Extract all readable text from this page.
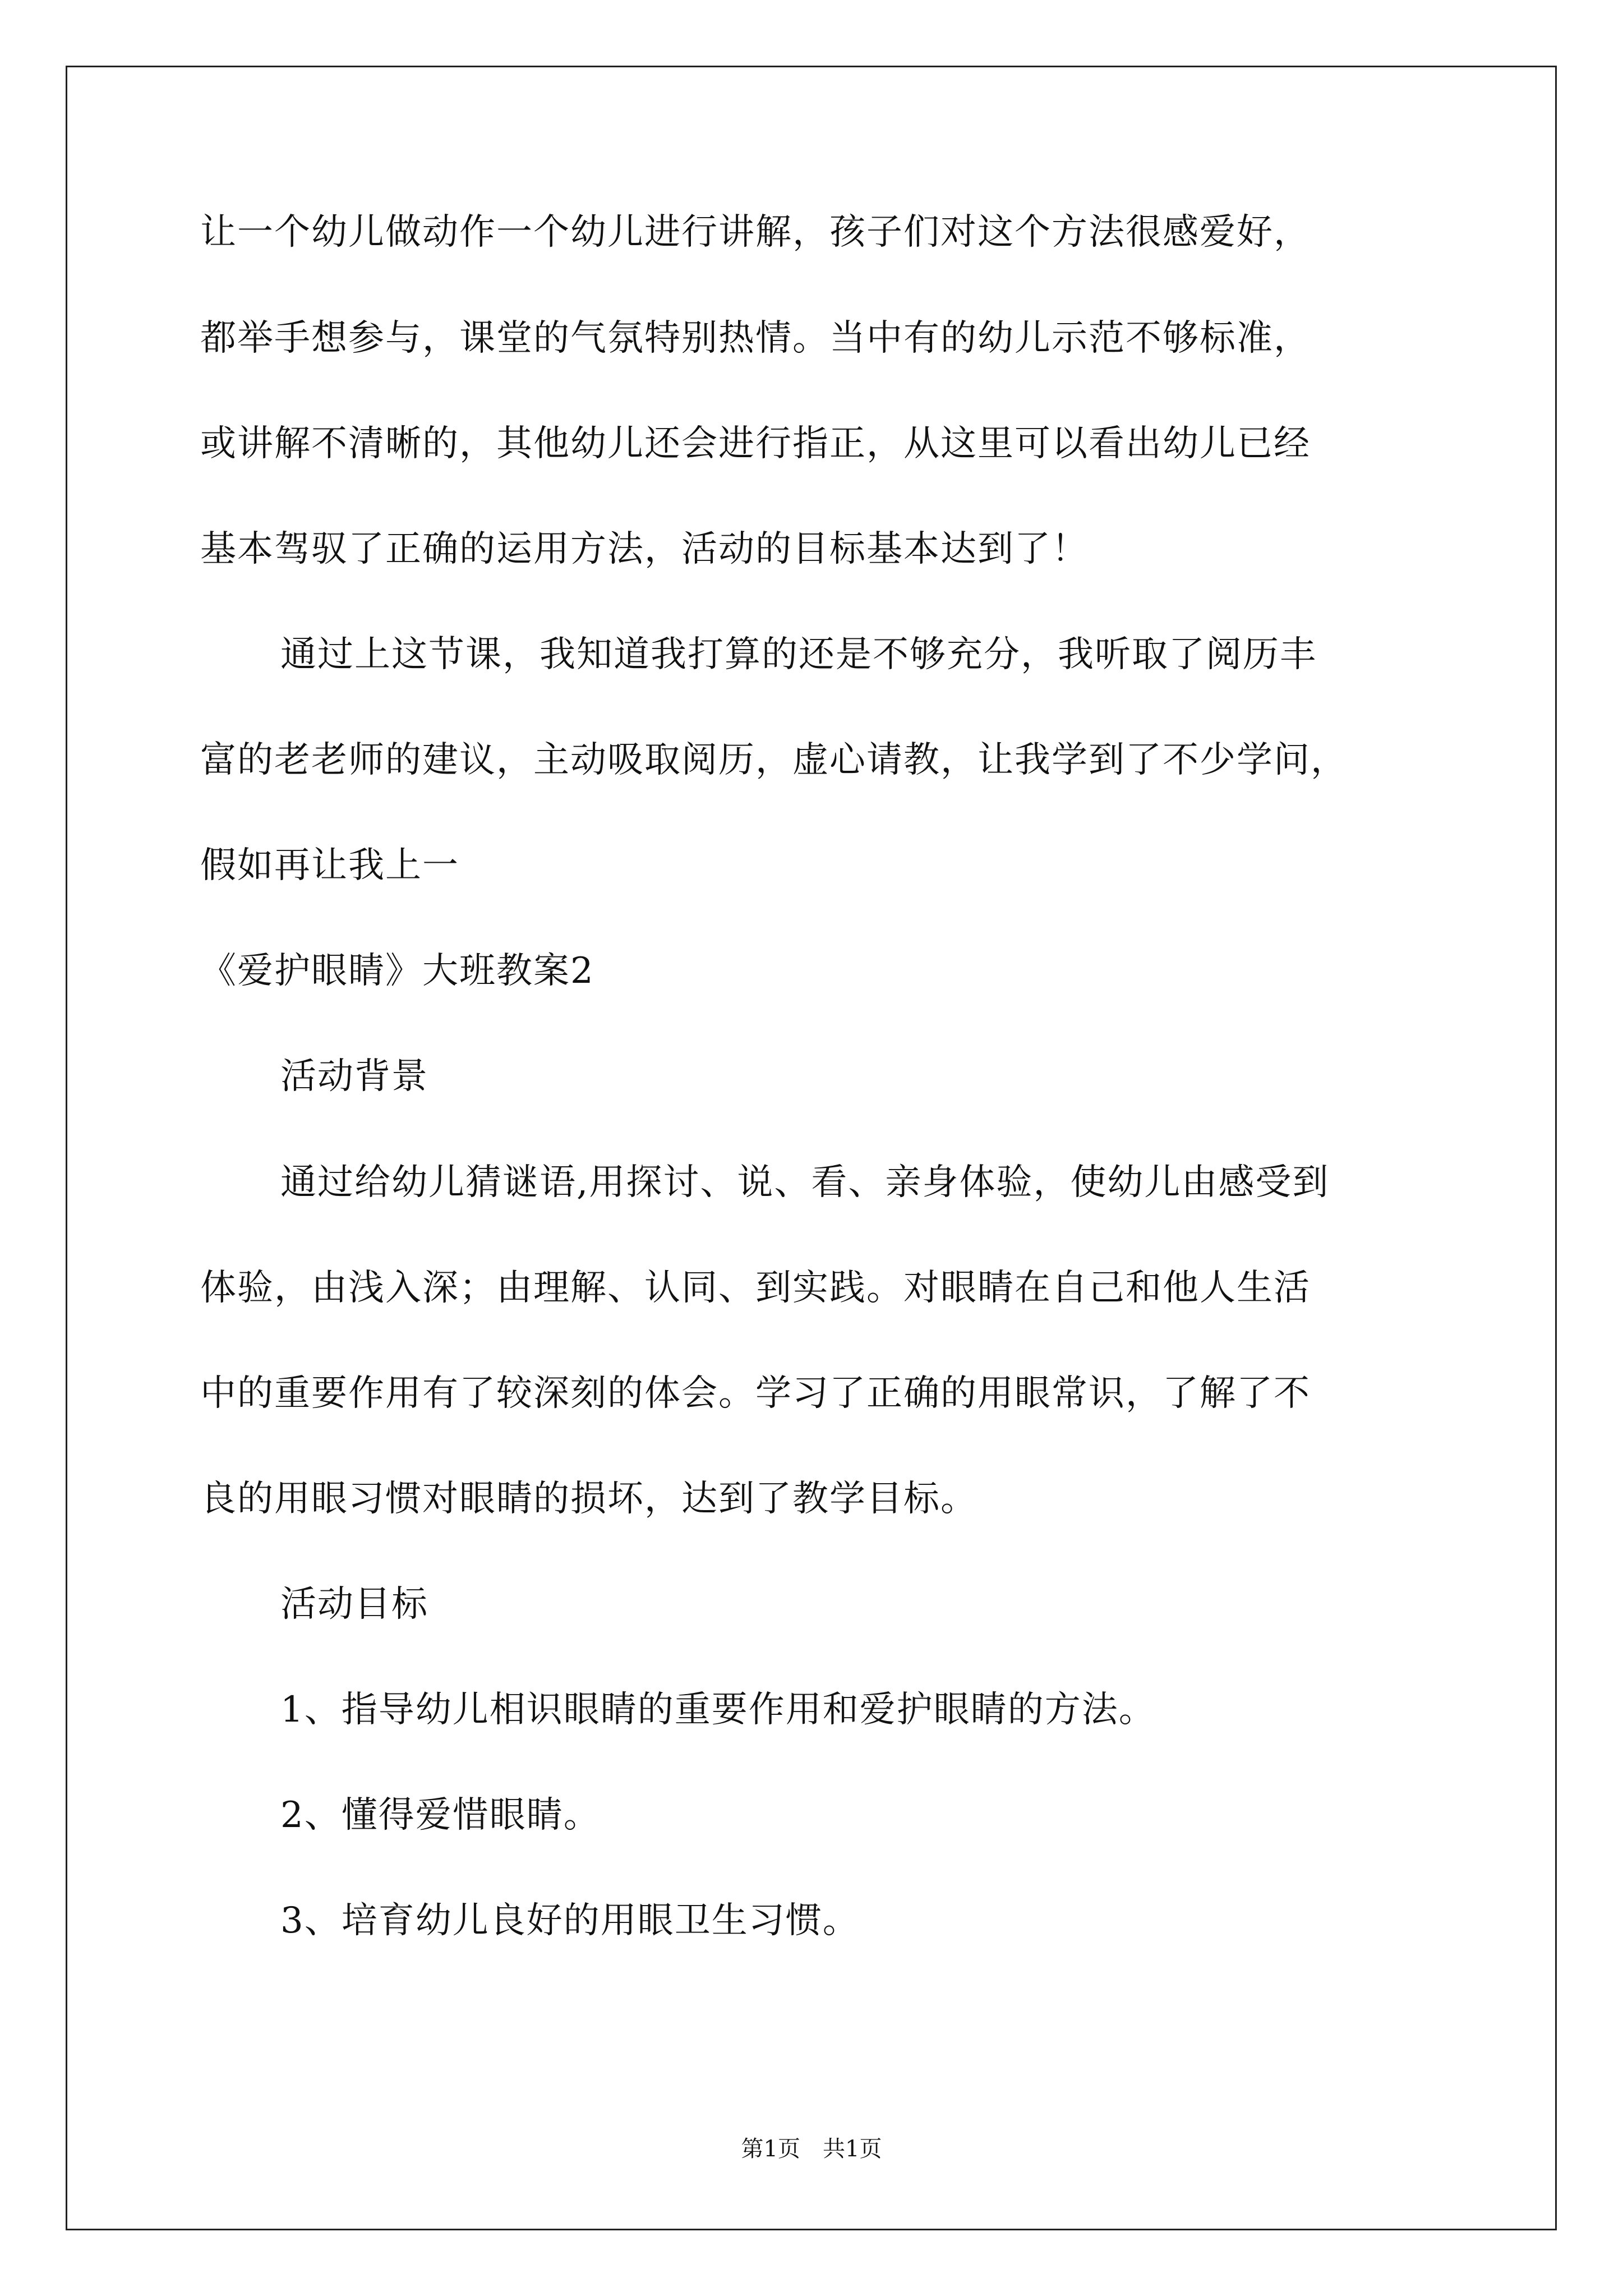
让一个幼儿做动作一个幼儿进行讲解，孩子们对这个方法很感爱好，
都举手想参与，课堂的气氛特别热情。当中有的幼儿示范不够标准，
或讲解不清晰的，其他幼儿还会进行指正，从这里可以看出幼儿已经
基本驾驭了正确的运用方法，活动的目标基本达到了！
通过上这节课，我知道我打算的还是不够充分，我听取了阅历丰
富的老老师的建议，主动吸取阅历，虚心请教，让我学到了不少学问，
假如再让我上一
《爱护眼睛》大班教案2
活动背景
通过给幼儿猜谜语,用探讨、说、看、亲身体验，使幼儿由感受到
体验，由浅入深；由理解、认同、到实践。对眼睛在自己和他人生活
中的重要作用有了较深刻的体会。学习了正确的用眼常识，了解了不
良的用眼习惯对眼睛的损坏，达到了教学目标。
活动目标
1、指导幼儿相识眼睛的重要作用和爱护眼睛的方法。
2、懂得爱惜眼睛。
3、培育幼儿良好的用眼卫生习惯。
第1页 共1页
